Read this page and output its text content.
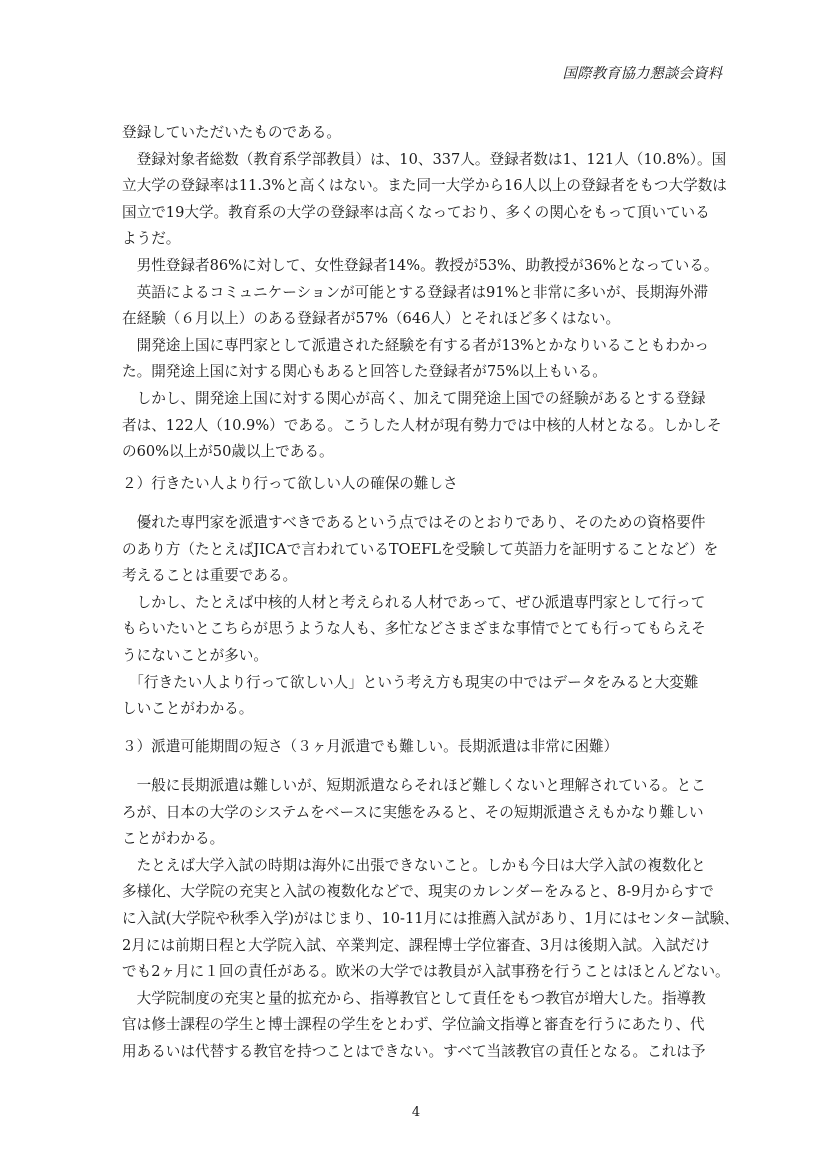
国際教育協力懇談会資料

登録していただいたものである。

　登録対象者総数（教育系学部教員）は、10、337人。登録者数は1、121人（10.8%）。国

立大学の登録率は11.3%と高くはない。また同一大学から16人以上の登録者をもつ大学数は

国立で19大学。教育系の大学の登録率は高くなっており、多くの関心をもって頂いている

ようだ。

　男性登録者86%に対して、女性登録者14%。教授が53%、助教授が36%となっている。

　英語によるコミュニケーションが可能とする登録者は91%と非常に多いが、長期海外滞

在経験（６月以上）のある登録者が57%（646人）とそれほど多くはない。

　開発途上国に専門家として派遣された経験を有する者が13%とかなりいることもわかっ

た。開発途上国に対する関心もあると回答した登録者が75%以上もいる。

　しかし、開発途上国に対する関心が高く、加えて開発途上国での経験があるとする登録

者は、122人（10.9%）である。こうした人材が現有勢力では中核的人材となる。しかしそ

の60%以上が50歳以上である。

２）行きたい人より行って欲しい人の確保の難しさ

　優れた専門家を派遣すべきであるという点ではそのとおりであり、そのための資格要件

のあり方（たとえばJICAで言われているTOEFLを受験して英語力を証明することなど）を

考えることは重要である。

　しかし、たとえば中核的人材と考えられる人材であって、ぜひ派遣専門家として行って

もらいたいとこちらが思うような人も、多忙などさまざまな事情でとても行ってもらえそ

うにないことが多い。

　「行きたい人より行って欲しい人」という考え方も現実の中ではデータをみると大変難

しいことがわかる。

３）派遣可能期間の短さ（３ヶ月派遣でも難しい。長期派遣は非常に困難）

　一般に長期派遣は難しいが、短期派遣ならそれほど難しくないと理解されている。とこ

ろが、日本の大学のシステムをベースに実態をみると、その短期派遣さえもかなり難しい

ことがわかる。

　たとえば大学入試の時期は海外に出張できないこと。しかも今日は大学入試の複数化と

多様化、大学院の充実と入試の複数化などで、現実のカレンダーをみると、8-9月からすで

に入試(大学院や秋季入学)がはじまり、10-11月には推薦入試があり、1月にはセンター試験、

2月には前期日程と大学院入試、卒業判定、課程博士学位審査、3月は後期入試。入試だけ

でも2ヶ月に１回の責任がある。欧米の大学では教員が入試事務を行うことはほとんどない。

　大学院制度の充実と量的拡充から、指導教官として責任をもつ教官が増大した。指導教

官は修士課程の学生と博士課程の学生をとわず、学位論文指導と審査を行うにあたり、代

用あるいは代替する教官を持つことはできない。すべて当該教官の責任となる。これは予

4
